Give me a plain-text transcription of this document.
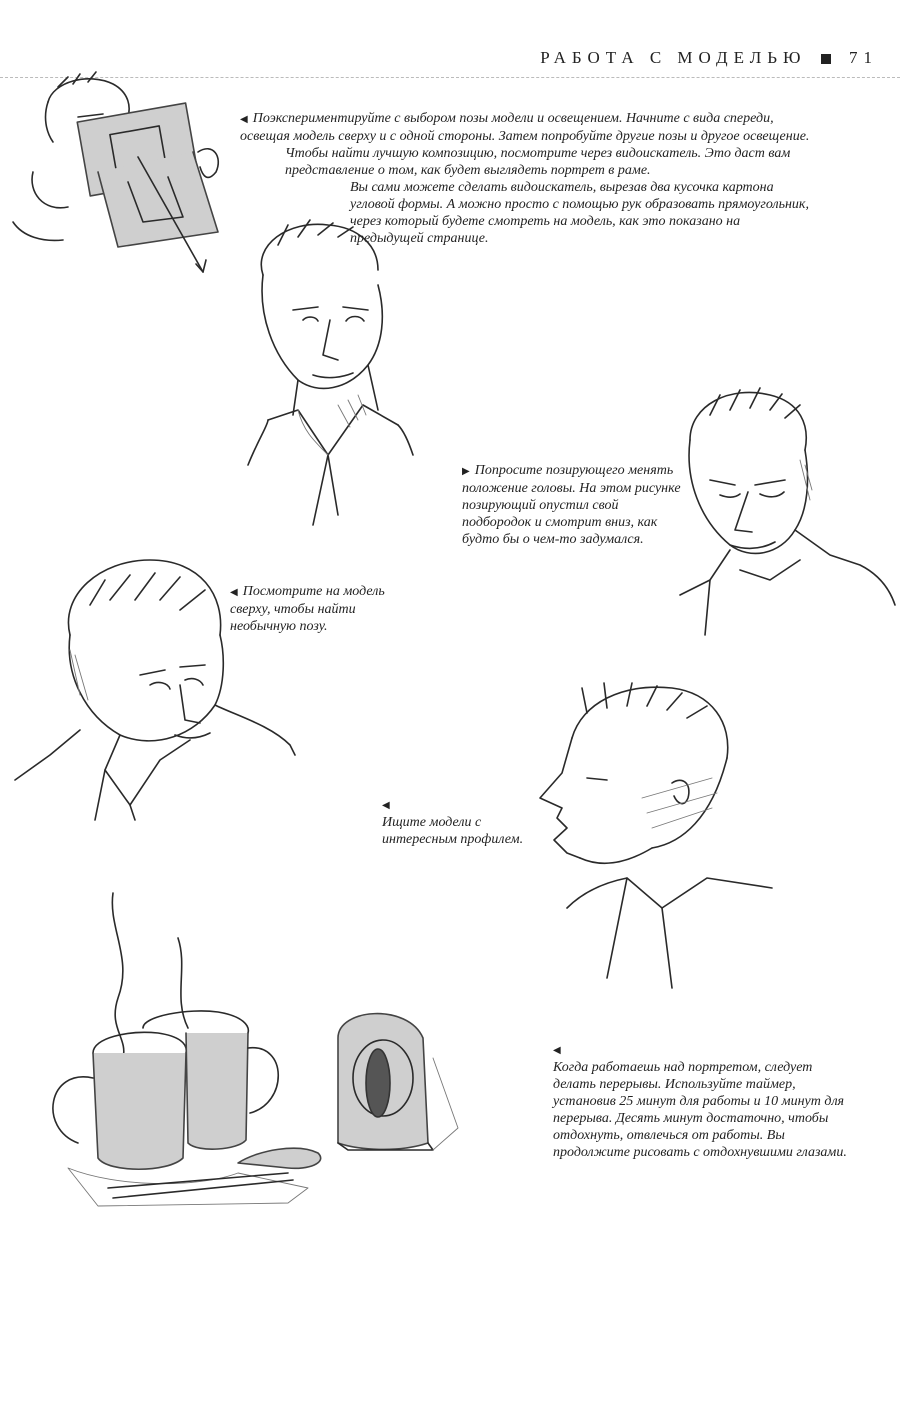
РАБОТА С МОДЕЛЬЮ	71

◀ Поэкспериментируйте с выбором позы модели и освещением. Начните с вида спереди, освещая модель сверху и с одной стороны. Затем попробуйте другие позы и другое освещение.

Чтобы найти лучшую композицию, посмотрите через видоискатель. Это даст вам представление о том, как будет выглядеть портрет в раме.

Вы сами можете сделать видоискатель, вырезав два кусочка картона угловой формы. А можно просто с помощью рук образовать прямоугольник, через который будете смотреть на модель, как это показано на предыдущей странице.

▶ Попросите позирующего менять положение головы. На этом рисунке позирующий опустил свой подбородок и смотрит вниз, как будто бы о чем-то задумался.
◀ Посмотрите на модель сверху, чтобы найти необычную позу.

◀

Ищите модели с интересным профилем.

◀

Когда работаешь над портретом, следует делать перерывы. Используйте таймер, установив 25 минут для работы и 10 минут для перерыва. Десять минут достаточно, чтобы отдохнуть, отвлечься от работы. Вы продолжите рисовать с отдохнувшими глазами.
